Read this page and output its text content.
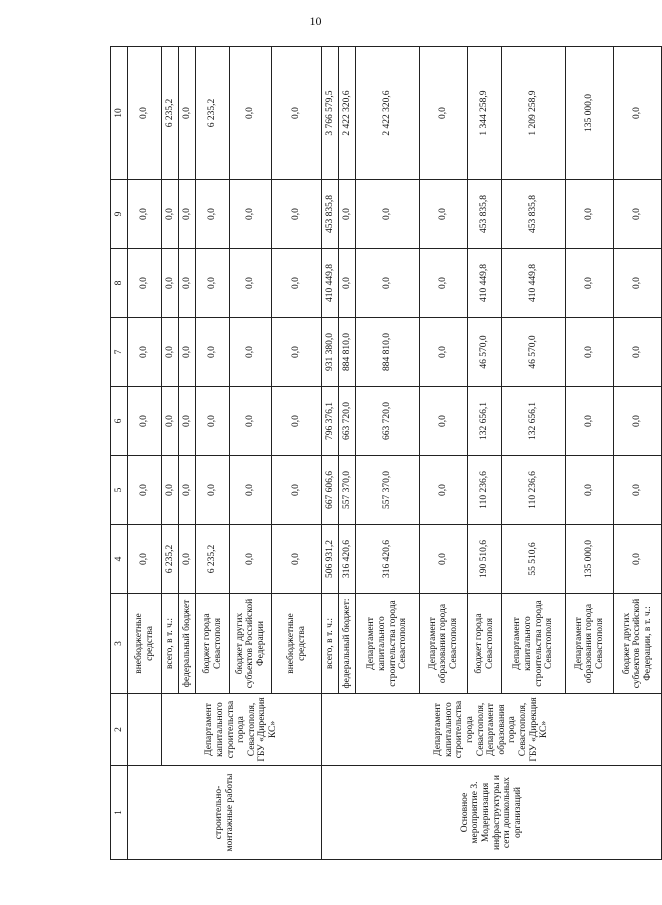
10
1	2	3	4	5	6	7	8	9	10
строительно-монтажные работы		внебюджетные средства	0,0	0,0	0,0	0,0	0,0	0,0	0,0
	Департамент капитального строительства города Севастополя, ГБУ «Дирекция КС»	всего, в т. ч.:	6 235,2	0,0	0,0	0,0	0,0	0,0	6 235,2
		федеральный бюджет	0,0	0,0	0,0	0,0	0,0	0,0	0,0
		бюджет города Севастополя	6 235,2	0,0	0,0	0,0	0,0	0,0	6 235,2
		бюджет других субъектов Российской Федерации	0,0	0,0	0,0	0,0	0,0	0,0	0,0
		внебюджетные средства	0,0	0,0	0,0	0,0	0,0	0,0	0,0
Основное мероприятие 3. Модернизация инфраструктуры и сети дошкольных организаций	Департамент капитального строительства города Севастополя, Департамент образования города Севастополя, ГБУ «Дирекция КС»	всего, в т. ч.:	506 931,2	667 606,6	796 376,1	931 380,0	410 449,8	453 835,8	3 766 579,5
		федеральный бюджет:	316 420,6	557 370,0	663 720,0	884 810,0	0,0	0,0	2 422 320,6
		Департамент капитального строительства города Севастополя	316 420,6	557 370,0	663 720,0	884 810,0	0,0	0,0	2 422 320,6
		Департамент образования города Севастополя	0,0	0,0	0,0	0,0	0,0	0,0	0,0
		бюджет города Севастополя	190 510,6	110 236,6	132 656,1	46 570,0	410 449,8	453 835,8	1 344 258,9
		Департамент капитального строительства города Севастополя	55 510,6	110 236,6	132 656,1	46 570,0	410 449,8	453 835,8	1 209 258,9
		Департамент образования города Севастополя	135 000,0	0,0	0,0	0,0	0,0	0,0	135 000,0
		бюджет других субъектов Российской Федерации, в т. ч.:	0,0	0,0	0,0	0,0	0,0	0,0	0,0
